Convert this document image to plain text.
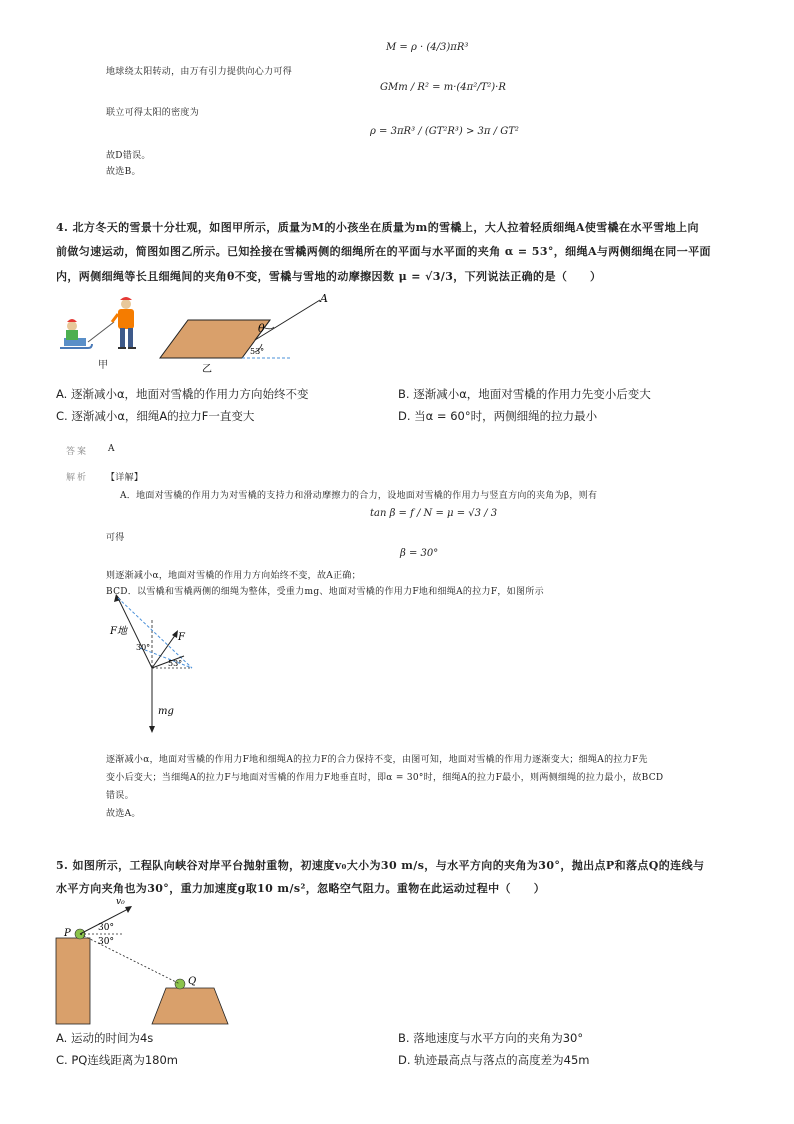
M = ρ · (4/3)πR³
地球绕太阳转动，由万有引力提供向心力可得
GMm / R² = m·(4π²/T²)·R
联立可得太阳的密度为
ρ = 3πR³ / (GT²R³) > 3π / GT²
故D错误。
故选B。
4. 北方冬天的雪景十分壮观，如图甲所示，质量为M的小孩坐在质量为m的雪橇上，大人拉着轻质细绳A使雪橇在水平雪地上向
前做匀速运动，简图如图乙所示。已知拴接在雪橇两侧的细绳所在的平面与水平面的夹角 α = 53°，细绳A与两侧细绳在同一平面
内，两侧细绳等长且细绳间的夹角θ不变，雪橇与雪地的动摩擦因数 μ = √3/3，下列说法正确的是（　　）
甲
θ
53°
A
乙
A. 逐渐减小α，地面对雪橇的作用力方向始终不变	B. 逐渐减小α，地面对雪橇的作用力先变小后变大
C. 逐渐减小α，细绳A的拉力F一直变大	D. 当α = 60°时，两侧细绳的拉力最小
答案 A
解析 【详解】
A．地面对雪橇的作用力为对雪橇的支持力和滑动摩擦力的合力，设地面对雪橇的作用力与竖直方向的夹角为β，则有
tan β = f / N = μ = √3 / 3
可得
β = 30°
则逐渐减小α，地面对雪橇的作用力方向始终不变，故A正确；
BCD．以雪橇和雪橇两侧的细绳为整体，受重力mg、地面对雪橇的作用力F地和细绳A的拉力F，如图所示
F地
F
mg
30°
53°
逐渐减小α，地面对雪橇的作用力F地和细绳A的拉力F的合力保持不变，由图可知，地面对雪橇的作用力逐渐变大；细绳A的拉力F先
变小后变大；当细绳A的拉力F与地面对雪橇的作用力F地垂直时，即α = 30°时，细绳A的拉力F最小，则两侧细绳的拉力最小，故BCD
错误。
故选A。
5. 如图所示，工程队向峡谷对岸平台抛射重物，初速度v₀大小为30 m/s，与水平方向的夹角为30°，抛出点P和落点Q的连线与
水平方向夹角也为30°，重力加速度g取10 m/s²，忽略空气阻力。重物在此运动过程中（　　）
P
Q
v₀
30°
30°
A. 运动的时间为4s	B. 落地速度与水平方向的夹角为30°
C. PQ连线距离为180m	D. 轨迹最高点与落点的高度差为45m
